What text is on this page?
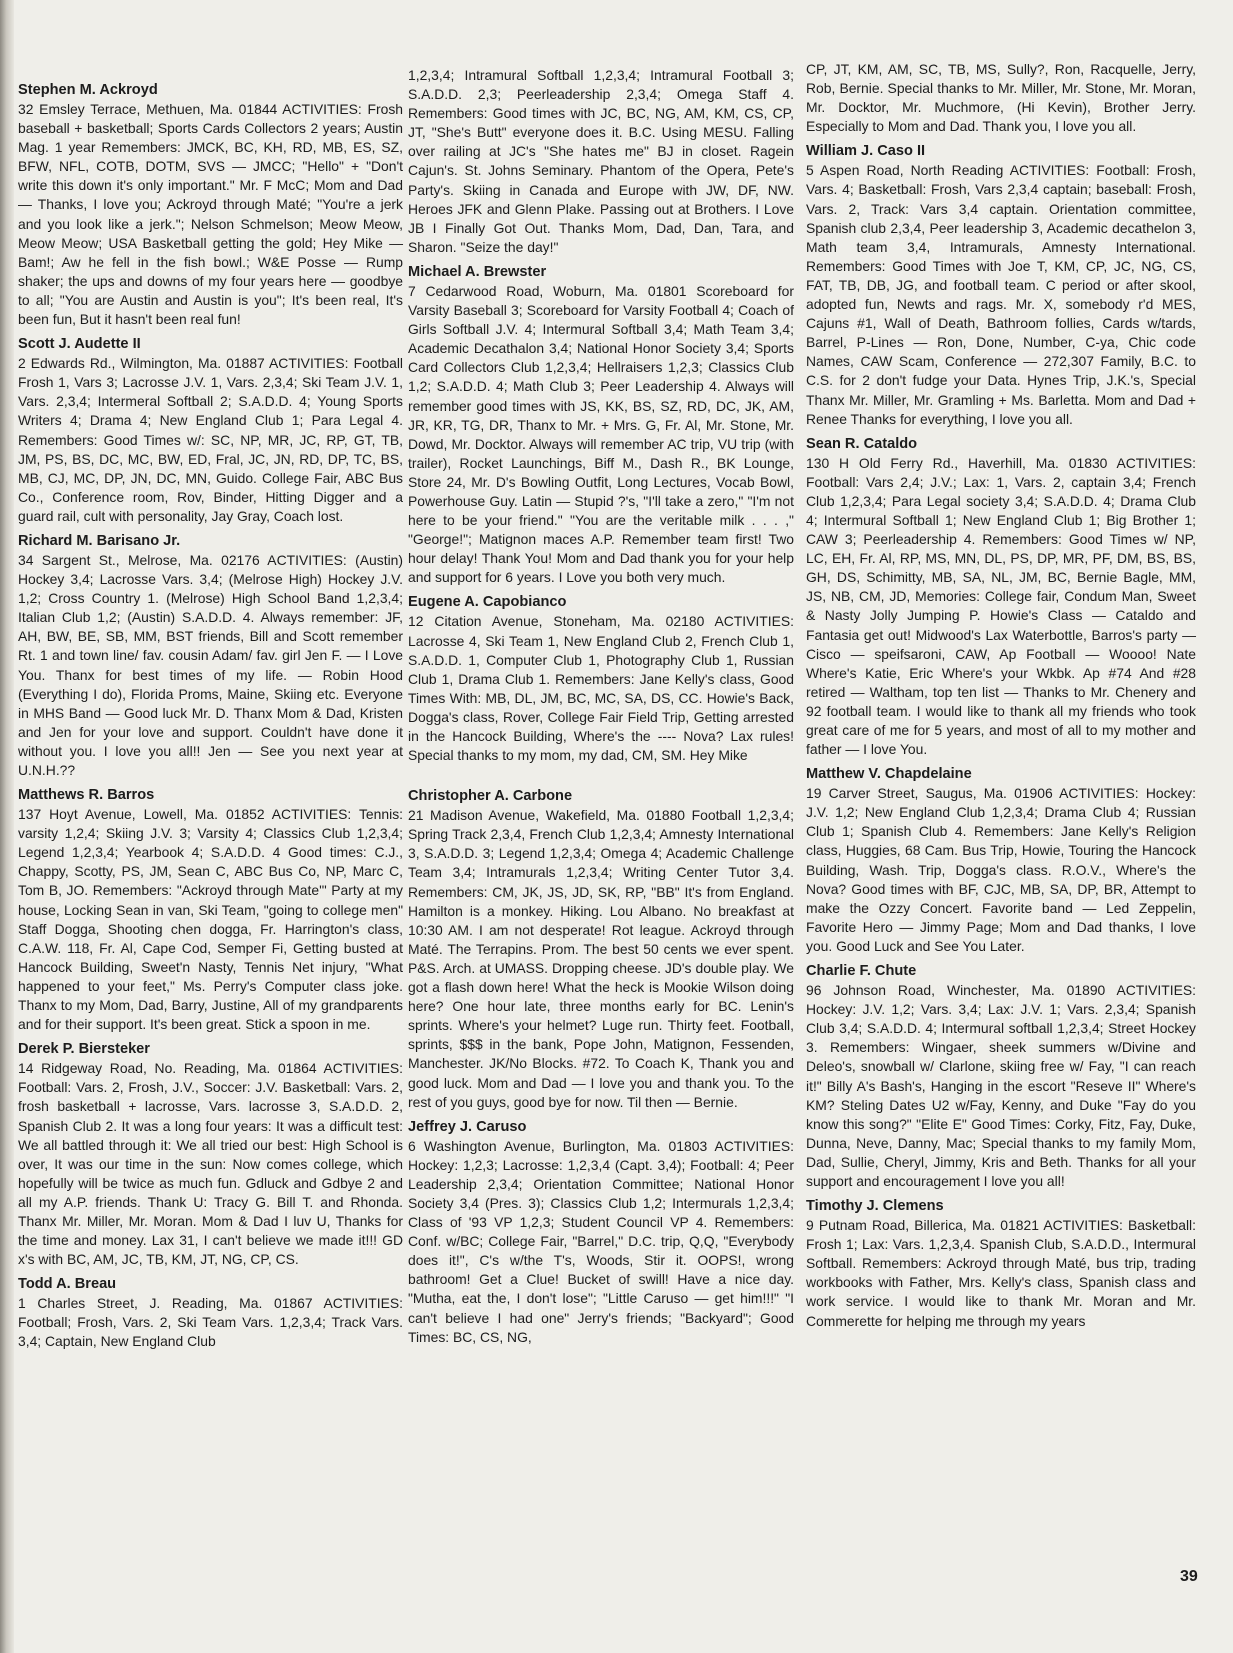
Stephen M. Ackroyd

32 Emsley Terrace, Methuen, Ma. 01844 ACTIVITIES: Frosh baseball + basketball; Sports Cards Collectors 2 years; Austin Mag. 1 year Remembers: JMCK, BC, KH, RD, MB, ES, SZ, BFW, NFL, COTB, DOTM, SVS — JMCC; "Hello" + "Don't write this down it's only important." Mr. F McC; Mom and Dad — Thanks, I love you; Ackroyd through Maté; "You're a jerk and you look like a jerk."; Nelson Schmelson; Meow Meow, Meow Meow; USA Basketball getting the gold; Hey Mike — Bam!; Aw he fell in the fish bowl.; W&E Posse — Rump shaker; the ups and downs of my four years here — goodbye to all; "You are Austin and Austin is you"; It's been real, It's been fun, But it hasn't been real fun!

Scott J. Audette II

2 Edwards Rd., Wilmington, Ma. 01887 ACTIVITIES: Football Frosh 1, Vars 3; Lacrosse J.V. 1, Vars. 2,3,4; Ski Team J.V. 1, Vars. 2,3,4; Intermeral Softball 2; S.A.D.D. 4; Young Sports Writers 4; Drama 4; New England Club 1; Para Legal 4. Remembers: Good Times w/: SC, NP, MR, JC, RP, GT, TB, JM, PS, BS, DC, MC, BW, ED, Fral, JC, JN, RD, DP, TC, BS, MB, CJ, MC, DP, JN, DC, MN, Guido. College Fair, ABC Bus Co., Conference room, Rov, Binder, Hitting Digger and a guard rail, cult with personality, Jay Gray, Coach lost.

Richard M. Barisano Jr.

34 Sargent St., Melrose, Ma. 02176 ACTIVITIES: (Austin) Hockey 3,4; Lacrosse Vars. 3,4; (Melrose High) Hockey J.V. 1,2; Cross Country 1. (Melrose) High School Band 1,2,3,4; Italian Club 1,2; (Austin) S.A.D.D. 4. Always remember: JF, AH, BW, BE, SB, MM, BST friends, Bill and Scott remember Rt. 1 and town line/ fav. cousin Adam/ fav. girl Jen F. — I Love You. Thanx for best times of my life. — Robin Hood (Everything I do), Florida Proms, Maine, Skiing etc. Everyone in MHS Band — Good luck Mr. D. Thanx Mom & Dad, Kristen and Jen for your love and support. Couldn't have done it without you. I love you all!! Jen — See you next year at U.N.H.??

Matthews R. Barros

137 Hoyt Avenue, Lowell, Ma. 01852 ACTIVITIES: Tennis: varsity 1,2,4; Skiing J.V. 3; Varsity 4; Classics Club 1,2,3,4; Legend 1,2,3,4; Yearbook 4; S.A.D.D. 4 Good times: C.J., Chappy, Scotty, PS, JM, Sean C, ABC Bus Co, NP, Marc C, Tom B, JO. Remembers: "Ackroyd through Mate'" Party at my house, Locking Sean in van, Ski Team, "going to college men" Staff Dogga, Shooting chen dogga, Fr. Harrington's class, C.A.W. 118, Fr. Al, Cape Cod, Semper Fi, Getting busted at Hancock Building, Sweet'n Nasty, Tennis Net injury, "What happened to your feet," Ms. Perry's Computer class joke. Thanx to my Mom, Dad, Barry, Justine, All of my grandparents and for their support. It's been great. Stick a spoon in me.

Derek P. Biersteker

14 Ridgeway Road, No. Reading, Ma. 01864 ACTIVITIES: Football: Vars. 2, Frosh, J.V., Soccer: J.V. Basketball: Vars. 2, frosh basketball + lacrosse, Vars. lacrosse 3, S.A.D.D. 2, Spanish Club 2. It was a long four years: It was a difficult test: We all battled through it: We all tried our best: High School is over, It was our time in the sun: Now comes college, which hopefully will be twice as much fun. Gdluck and Gdbye 2 and all my A.P. friends. Thank U: Tracy G. Bill T. and Rhonda. Thanx Mr. Miller, Mr. Moran. Mom & Dad I luv U, Thanks for the time and money. Lax 31, I can't believe we made it!!! GD x's with BC, AM, JC, TB, KM, JT, NG, CP, CS.

Todd A. Breau

1 Charles Street, J. Reading, Ma. 01867 ACTIVITIES: Football; Frosh, Vars. 2, Ski Team Vars. 1,2,3,4; Track Vars. 3,4; Captain, New England Club

1,2,3,4; Intramural Softball 1,2,3,4; Intramural Football 3; S.A.D.D. 2,3; Peerleadership 2,3,4; Omega Staff 4. Remembers: Good times with JC, BC, NG, AM, KM, CS, CP, JT, "She's Butt" everyone does it. B.C. Using MESU. Falling over railing at JC's "She hates me" BJ in closet. Ragein Cajun's. St. Johns Seminary. Phantom of the Opera, Pete's Party's. Skiing in Canada and Europe with JW, DF, NW. Heroes JFK and Glenn Plake. Passing out at Brothers. I Love JB I Finally Got Out. Thanks Mom, Dad, Dan, Tara, and Sharon. "Seize the day!"

Michael A. Brewster

7 Cedarwood Road, Woburn, Ma. 01801 Scoreboard for Varsity Baseball 3; Scoreboard for Varsity Football 4; Coach of Girls Softball J.V. 4; Intermural Softball 3,4; Math Team 3,4; Academic Decathalon 3,4; National Honor Society 3,4; Sports Card Collectors Club 1,2,3,4; Hellraisers 1,2,3; Classics Club 1,2; S.A.D.D. 4; Math Club 3; Peer Leadership 4. Always will remember good times with JS, KK, BS, SZ, RD, DC, JK, AM, JR, KR, TG, DR, Thanx to Mr. + Mrs. G, Fr. Al, Mr. Stone, Mr. Dowd, Mr. Docktor. Always will remember AC trip, VU trip (with trailer), Rocket Launchings, Biff M., Dash R., BK Lounge, Store 24, Mr. D's Bowling Outfit, Long Lectures, Vocab Bowl, Powerhouse Guy. Latin — Stupid ?'s, "I'll take a zero," "I'm not here to be your friend." "You are the veritable milk . . . ," "George!"; Matignon maces A.P. Remember team first! Two hour delay! Thank You! Mom and Dad thank you for your help and support for 6 years. I Love you both very much.

Eugene A. Capobianco

12 Citation Avenue, Stoneham, Ma. 02180 ACTIVITIES: Lacrosse 4, Ski Team 1, New England Club 2, French Club 1, S.A.D.D. 1, Computer Club 1, Photography Club 1, Russian Club 1, Drama Club 1. Remembers: Jane Kelly's class, Good Times With: MB, DL, JM, BC, MC, SA, DS, CC. Howie's Back, Dogga's class, Rover, College Fair Field Trip, Getting arrested in the Hancock Building, Where's the ---- Nova? Lax rules! Special thanks to my mom, my dad, CM, SM. Hey Mike

Christopher A. Carbone

21 Madison Avenue, Wakefield, Ma. 01880 Football 1,2,3,4; Spring Track 2,3,4, French Club 1,2,3,4; Amnesty International 3, S.A.D.D. 3; Legend 1,2,3,4; Omega 4; Academic Challenge Team 3,4; Intramurals 1,2,3,4; Writing Center Tutor 3,4. Remembers: CM, JK, JS, JD, SK, RP, "BB" It's from England. Hamilton is a monkey. Hiking. Lou Albano. No breakfast at 10:30 AM. I am not desperate! Rot league. Ackroyd through Maté. The Terrapins. Prom. The best 50 cents we ever spent. P&S. Arch. at UMASS. Dropping cheese. JD's double play. We got a flash down here! What the heck is Mookie Wilson doing here? One hour late, three months early for BC. Lenin's sprints. Where's your helmet? Luge run. Thirty feet. Football, sprints, $$$ in the bank, Pope John, Matignon, Fessenden, Manchester. JK/No Blocks. #72. To Coach K, Thank you and good luck. Mom and Dad — I love you and thank you. To the rest of you guys, good bye for now. Til then — Bernie.

Jeffrey J. Caruso

6 Washington Avenue, Burlington, Ma. 01803 ACTIVITIES: Hockey: 1,2,3; Lacrosse: 1,2,3,4 (Capt. 3,4); Football: 4; Peer Leadership 2,3,4; Orientation Committee; National Honor Society 3,4 (Pres. 3); Classics Club 1,2; Intermurals 1,2,3,4; Class of '93 VP 1,2,3; Student Council VP 4. Remembers: Conf. w/BC; College Fair, "Barrel," D.C. trip, Q,Q, "Everybody does it!", C's w/the T's, Woods, Stir it. OOPS!, wrong bathroom! Get a Clue! Bucket of swill! Have a nice day. "Mutha, eat the, I don't lose"; "Little Caruso — get him!!!" "I can't believe I had one" Jerry's friends; "Backyard"; Good Times: BC, CS, NG,

CP, JT, KM, AM, SC, TB, MS, Sully?, Ron, Racquelle, Jerry, Rob, Bernie. Special thanks to Mr. Miller, Mr. Stone, Mr. Moran, Mr. Docktor, Mr. Muchmore, (Hi Kevin), Brother Jerry. Especially to Mom and Dad. Thank you, I love you all.

William J. Caso II

5 Aspen Road, North Reading ACTIVITIES: Football: Frosh, Vars. 4; Basketball: Frosh, Vars 2,3,4 captain; baseball: Frosh, Vars. 2, Track: Vars 3,4 captain. Orientation committee, Spanish club 2,3,4, Peer leadership 3, Academic decathelon 3, Math team 3,4, Intramurals, Amnesty International. Remembers: Good Times with Joe T, KM, CP, JC, NG, CS, FAT, TB, DB, JG, and football team. C period or after skool, adopted fun, Newts and rags. Mr. X, somebody r'd MES, Cajuns #1, Wall of Death, Bathroom follies, Cards w/tards, Barrel, P-Lines — Ron, Done, Number, C-ya, Chic code Names, CAW Scam, Conference — 272,307 Family, B.C. to C.S. for 2 don't fudge your Data. Hynes Trip, J.K.'s, Special Thanx Mr. Miller, Mr. Gramling + Ms. Barletta. Mom and Dad + Renee Thanks for everything, I love you all.

Sean R. Cataldo

130 H Old Ferry Rd., Haverhill, Ma. 01830 ACTIVITIES: Football: Vars 2,4; J.V.; Lax: 1, Vars. 2, captain 3,4; French Club 1,2,3,4; Para Legal society 3,4; S.A.D.D. 4; Drama Club 4; Intermural Softball 1; New England Club 1; Big Brother 1; CAW 3; Peerleadership 4. Remembers: Good Times w/ NP, LC, EH, Fr. Al, RP, MS, MN, DL, PS, DP, MR, PF, DM, BS, BS, GH, DS, Schimitty, MB, SA, NL, JM, BC, Bernie Bagle, MM, JS, NB, CM, JD, Memories: College fair, Condum Man, Sweet & Nasty Jolly Jumping P. Howie's Class — Cataldo and Fantasia get out! Midwood's Lax Waterbottle, Barros's party — Cisco — speifsaroni, CAW, Ap Football — Woooo! Nate Where's Katie, Eric Where's your Wkbk. Ap #74 And #28 retired — Waltham, top ten list — Thanks to Mr. Chenery and 92 football team. I would like to thank all my friends who took great care of me for 5 years, and most of all to my mother and father — I love You.

Matthew V. Chapdelaine

19 Carver Street, Saugus, Ma. 01906 ACTIVITIES: Hockey: J.V. 1,2; New England Club 1,2,3,4; Drama Club 4; Russian Club 1; Spanish Club 4. Remembers: Jane Kelly's Religion class, Huggies, 68 Cam. Bus Trip, Howie, Touring the Hancock Building, Wash. Trip, Dogga's class. R.O.V., Where's the Nova? Good times with BF, CJC, MB, SA, DP, BR, Attempt to make the Ozzy Concert. Favorite band — Led Zeppelin, Favorite Hero — Jimmy Page; Mom and Dad thanks, I love you. Good Luck and See You Later.

Charlie F. Chute

96 Johnson Road, Winchester, Ma. 01890 ACTIVITIES: Hockey: J.V. 1,2; Vars. 3,4; Lax: J.V. 1; Vars. 2,3,4; Spanish Club 3,4; S.A.D.D. 4; Intermural softball 1,2,3,4; Street Hockey 3. Remembers: Wingaer, sheek summers w/Divine and Deleo's, snowball w/ Clarlone, skiing free w/ Fay, "I can reach it!" Billy A's Bash's, Hanging in the escort "Reseve II" Where's KM? Steling Dates U2 w/Fay, Kenny, and Duke "Fay do you know this song?" "Elite E" Good Times: Corky, Fitz, Fay, Duke, Dunna, Neve, Danny, Mac; Special thanks to my family Mom, Dad, Sullie, Cheryl, Jimmy, Kris and Beth. Thanks for all your support and encouragement I love you all!

Timothy J. Clemens

9 Putnam Road, Billerica, Ma. 01821 ACTIVITIES: Basketball: Frosh 1; Lax: Vars. 1,2,3,4. Spanish Club, S.A.D.D., Intermural Softball. Remembers: Ackroyd through Maté, bus trip, trading workbooks with Father, Mrs. Kelly's class, Spanish class and work service. I would like to thank Mr. Moran and Mr. Commerette for helping me through my years

39
